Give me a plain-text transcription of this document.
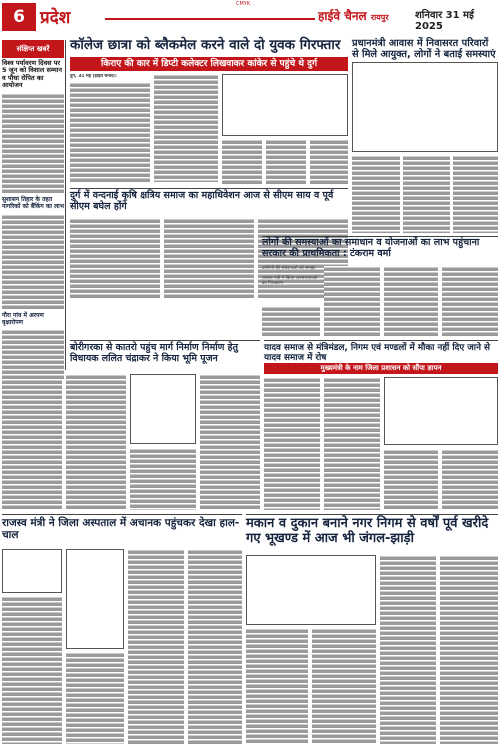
6 प्रदेश
CMYK
हाईवे चैनल रायपुर	शनिवार 31 मई 2025
संक्षिप्त खबरें
विश्व पर्यावरण दिवस पर 5 जून को विशाल सम्मान व पौधा रोपित का आयोजन
सुशासन तिहार के तहत नागरिकों को बैंकिंग का लाभ
गौरा गांव में अरपण वृक्षारोपण
कॉलेज छात्रा को ब्लैकमेल करने वाले दो युवक गिरफ्तार
किराए की कार में डिप्टी कलेक्टर लिखवाकर कांकेर से पहुंचे थे दुर्ग
दुर्ग, 31 मई (हाईवे चैनल)।
दुर्ग में वन्दनाई कृषि क्षत्रिय समाज का महाधिवेशन आज से सीएम साय व पूर्व सीएम बघेल होंगे
प्रधानमंत्री आवास में निवासरत परिवारों से मिले आयुक्त, लोगों ने बताई समस्याएं
लोगों की समस्याओं का समाधान व योजनाओं का लाभ पहुंचाना सरकार की प्राथमिकता : टंकराम वर्मा
ग्रामीणों की संवेदनाओं को समझा
राजस्व मंत्री ने किया जनसमस्याओं का निराकरण
बोरीगरका से कातरो पहुंच मार्ग निर्माण निर्माण हेतु विधायक ललित चंद्राकर ने किया भूमि पूजन
यादव समाज से मंत्रिमंडल, निगम एवं मण्डलों में मौका नहीं दिए जाने से यादव समाज में रोष
मुख्यमंत्री के नाम जिला प्रशासन को सौंपा ज्ञापन
राजस्व मंत्री ने जिला अस्पताल में अचानक पहुंचकर देखा हाल-चाल
मकान व दुकान बनाने नगर निगम से वर्षों पूर्व खरीदे गए भूखण्ड में आज भी जंगल-झाड़ी
